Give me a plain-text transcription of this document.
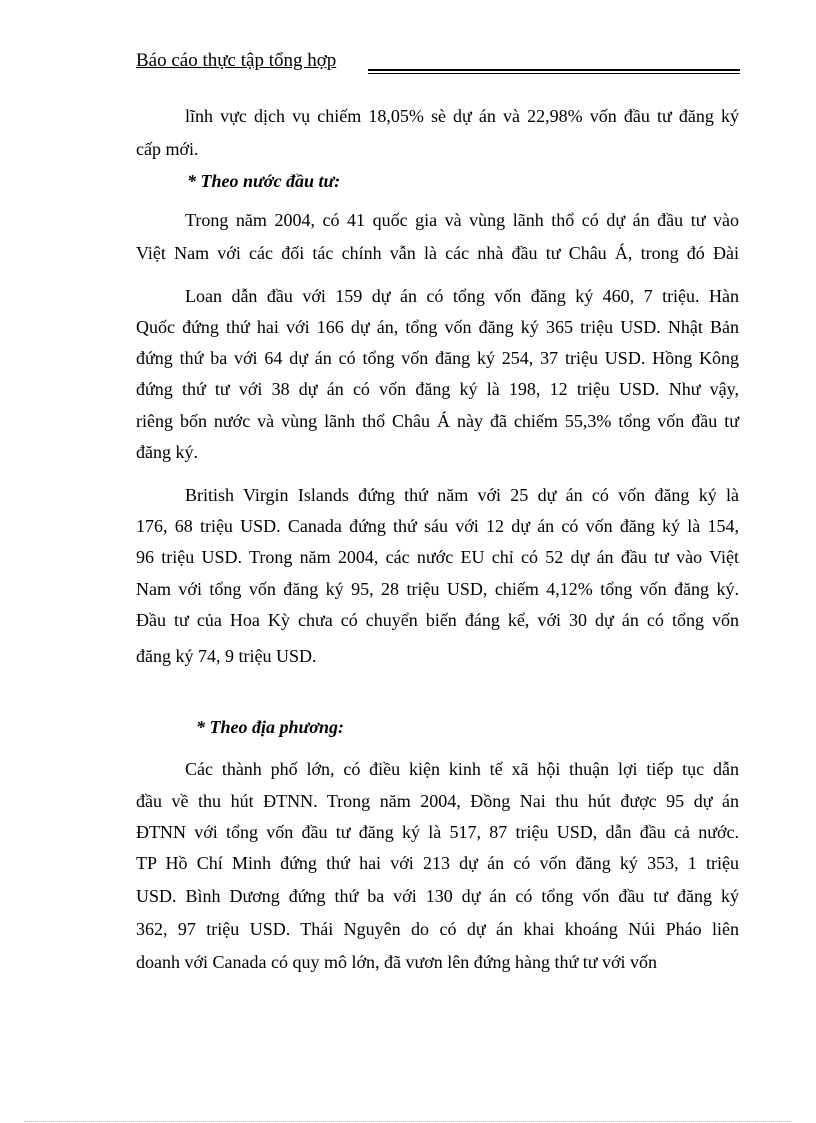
Báo cáo thực tập tổng hợp
lĩnh vực dịch vụ chiếm 18,05% sè dự án và 22,98% vốn đầu tư đăng ký
cấp mới.
* Theo nước đầu tư:
Trong năm 2004, có 41 quốc gia và vùng lãnh thổ có dự án đầu tư vào
Việt Nam với các đối tác chính vẫn là các nhà đầu tư Châu Á, trong đó Đài
Loan dẫn đầu với 159 dự án có tổng vốn đăng ký 460, 7 triệu. Hàn
Quốc đứng thứ hai với 166 dự án, tổng vốn đăng ký 365 triệu USD. Nhật Bản
đứng thứ ba với 64 dự án có tổng vốn đăng ký 254, 37 triệu USD. Hồng Kông
đứng thứ tư với 38 dự án có vốn đăng ký là 198, 12 triệu USD. Như vậy,
riêng bốn nước và vùng lãnh thổ Châu Á này đã chiếm 55,3% tổng vốn đầu tư
đăng ký.
British Virgin Islands đứng thứ năm với 25 dự án có vốn đăng ký là
176, 68 triệu USD. Canada đứng thứ sáu với 12 dự án có vốn đăng ký là 154,
96 triệu USD. Trong năm 2004, các nước EU chỉ có 52 dự án đầu tư vào Việt
Nam với tổng vốn đăng ký 95, 28 triệu USD, chiếm 4,12% tổng vốn đăng ký.
Đầu tư của Hoa Kỳ chưa có chuyển biến đáng kể, với 30 dự án có tổng vốn
đăng ký 74, 9 triệu USD.
* Theo địa phương:
Các thành phố lớn, có điều kiện kinh tế xã hội thuận lợi tiếp tục dẫn
đầu về thu hút ĐTNN. Trong năm 2004, Đồng Nai thu hút được 95 dự án
ĐTNN với tổng vốn đầu tư đăng ký là 517, 87 triệu USD, dẫn đầu cả nước.
TP Hồ Chí Minh đứng thứ hai với 213 dự án có vốn đăng ký 353, 1 triệu
USD. Bình Dương đứng thứ ba với 130 dự án có tổng vốn đầu tư đăng ký
362, 97 triệu USD. Thái Nguyên do có dự án khai khoáng Núi Pháo liên
doanh với Canada có quy mô lớn, đã vươn lên đứng hàng thứ tư với vốn
